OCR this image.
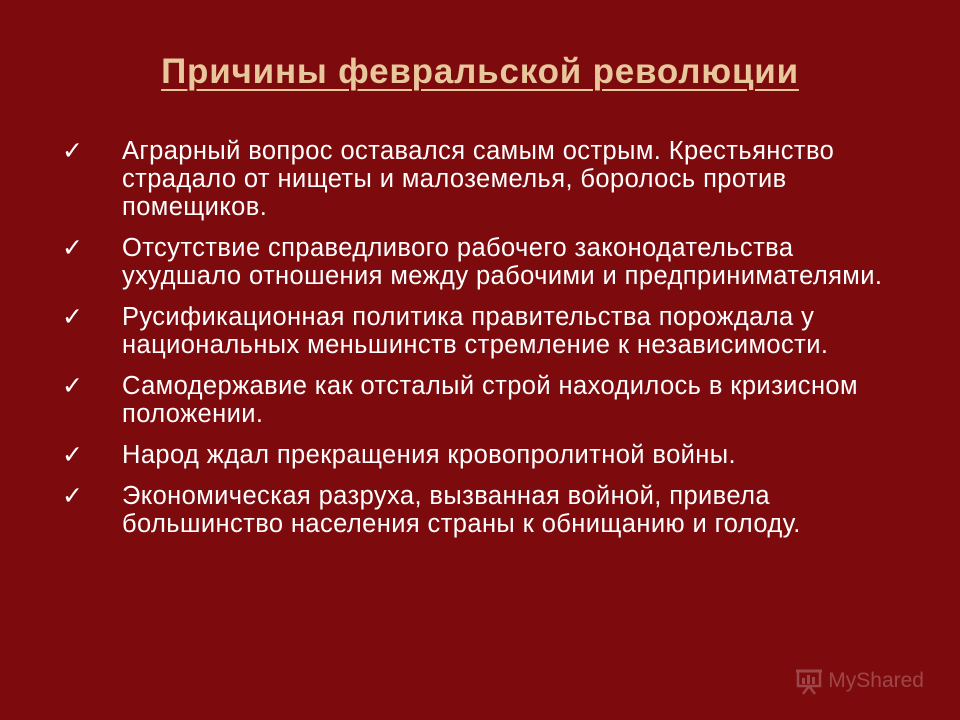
Причины февральской революции
✓	Аграрный вопрос оставался самым острым. Крестьянство страдало от нищеты и малоземелья, боролось против помещиков.
✓	Отсутствие справедливого рабочего законодательства ухудшало отношения между рабочими и предпринимателями.
✓	Русификационная политика правительства порождала у национальных меньшинств стремление к независимости.
✓	Самодержавие как отсталый строй находилось в кризисном положении.
✓	Народ ждал прекращения кровопролитной войны.
✓	Экономическая разруха, вызванная войной, привела большинство населения страны к обнищанию и голоду.
MyShared
